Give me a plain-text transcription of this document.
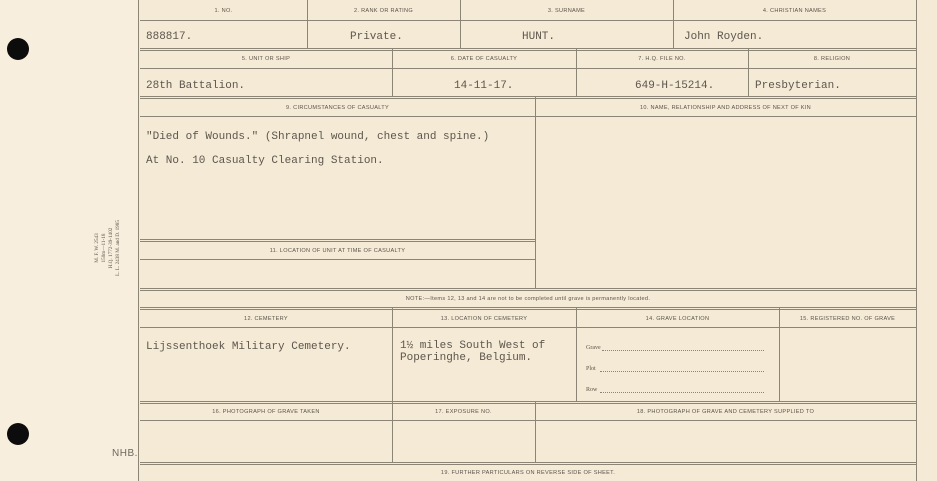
M. F. W. 2543 150m—11-18 H.Q. 1772-39-1402 L. L. 2438 M. and D. 1985
NHB.
1. NO.	2. RANK OR RATING	3. SURNAME	4. CHRISTIAN NAMES
888817.	Private.	HUNT.	John Royden.
5. UNIT OR SHIP	6. DATE OF CASUALTY	7. H.Q. FILE NO.	8. RELIGION
28th Battalion.	14-11-17.	649-H-15214.	Presbyterian.
9. CIRCUMSTANCES OF CASUALTY	10. NAME, RELATIONSHIP AND ADDRESS OF NEXT OF KIN
"Died of Wounds." (Shrapnel wound, chest and spine.)
At No. 10 Casualty Clearing Station.
11. LOCATION OF UNIT AT TIME OF CASUALTY
NOTE:—Items 12, 13 and 14 are not to be completed until grave is permanently located.
12. CEMETERY	13. LOCATION OF CEMETERY	14. GRAVE LOCATION	15. REGISTERED NO. OF GRAVE
Lijssenthoek Military Cemetery.	1½ miles South West of
Poperinghe, Belgium.
Grave
Plot
Row
16. PHOTOGRAPH OF GRAVE TAKEN	17. EXPOSURE NO.	18. PHOTOGRAPH OF GRAVE AND CEMETERY SUPPLIED TO
19. FURTHER PARTICULARS ON REVERSE SIDE OF SHEET.
